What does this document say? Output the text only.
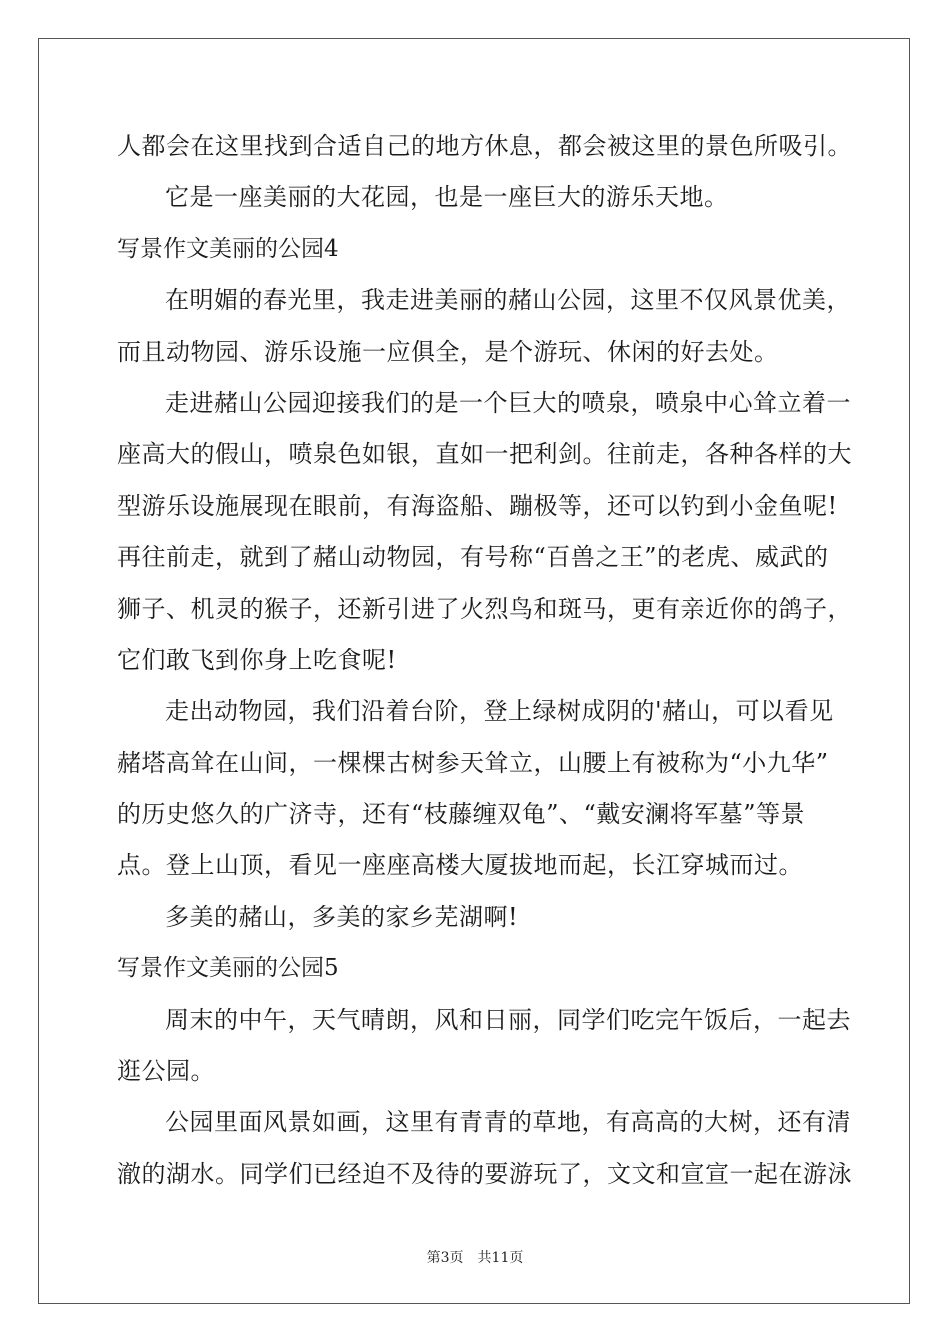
人都会在这里找到合适自己的地方休息，都会被这里的景色所吸引。
它是一座美丽的大花园，也是一座巨大的游乐天地。
写景作文美丽的公园4
在明媚的春光里，我走进美丽的赭山公园，这里不仅风景优美，
而且动物园、游乐设施一应俱全，是个游玩、休闲的好去处。
走进赭山公园迎接我们的是一个巨大的喷泉，喷泉中心耸立着一
座高大的假山，喷泉色如银，直如一把利剑。往前走，各种各样的大
型游乐设施展现在眼前，有海盗船、蹦极等，还可以钓到小金鱼呢!
再往前走，就到了赭山动物园，有号称“百兽之王”的老虎、威武的
狮子、机灵的猴子，还新引进了火烈鸟和斑马，更有亲近你的鸽子，
它们敢飞到你身上吃食呢!
走出动物园，我们沿着台阶，登上绿树成阴的'赭山，可以看见
赭塔高耸在山间，一棵棵古树参天耸立，山腰上有被称为“小九华”
的历史悠久的广济寺，还有“枝藤缠双龟”、“戴安澜将军墓”等景
点。登上山顶，看见一座座高楼大厦拔地而起，长江穿城而过。
多美的赭山，多美的家乡芜湖啊!
写景作文美丽的公园5
周末的中午，天气晴朗，风和日丽，同学们吃完午饭后，一起去
逛公园。
公园里面风景如画，这里有青青的草地，有高高的大树，还有清
澈的湖水。同学们已经迫不及待的要游玩了，文文和宣宣一起在游泳
第3页 共11页
